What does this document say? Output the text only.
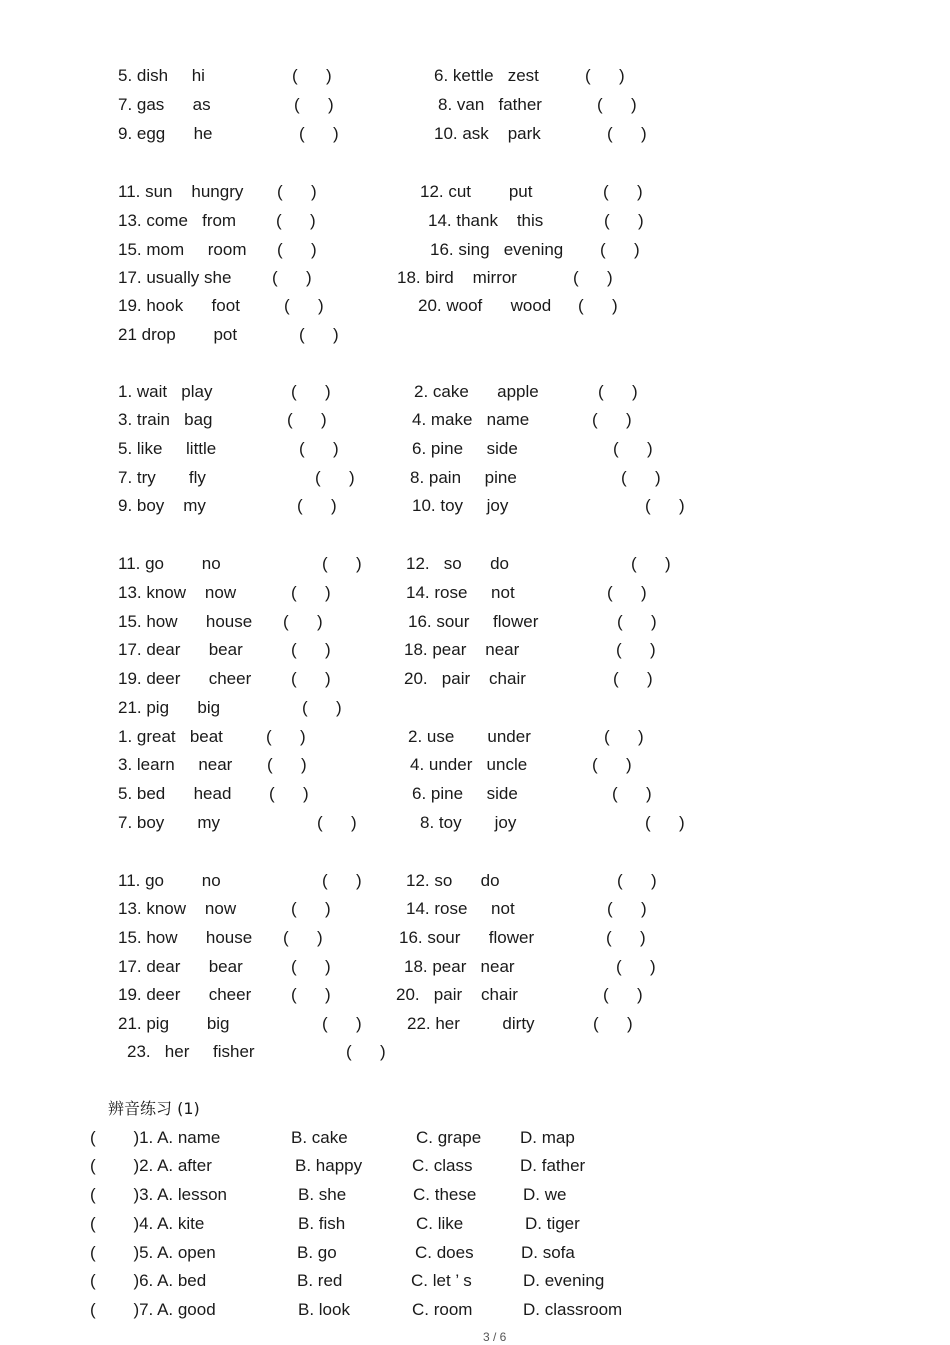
5. dish     hi	(      )	6. kettle   zest	(      )
7. gas      as	(      )	8. van   father	(      )
9. egg      he	(      )	10. ask    park	(      )
11. sun    hungry (      )	12. cut        put	(      )
13. come   from (      )	14. thank    this	(      )
15. mom     room (      )	16. sing   evening (      )
17. usually she (      )	18. bird    mirror	(      )
19. hook      foot	(      )	20. woof      wood (      )
21 drop        pot	(      )
1. wait   play	(      )	2. cake      apple	(      )
3. train   bag	(      )	4. make   name	(      )
5. like     little	(      )	6. pine     side	(      )
7. try       fly	(      )	8. pain     pine	(      )
9. boy    my	(      )	10. toy     joy	(      )
11. go        no	(      )	12.   so      do	(      )
13. know    now	(      )	14. rose     not	(      )
15. how      house (      )	16. sour     flower	(      )
17. dear      bear	(      )	18. pear    near	(      )
19. deer      cheer (      )	20.   pair    chair	(      )
21. pig      big	(      )
1. great   beat	(      )	2. use       under	(      )
3. learn     near (      )	4. under   uncle	(      )
5. bed      head (      )	6. pine     side	(      )
7. boy       my	(      )	8. toy       joy	(      )
11. go        no	(      )	12. so      do	(      )
13. know    now	(      )	14. rose     not	(      )
15. how      house (      )	16. sour      flower	(      )
17. dear      bear	(      )	18. pear   near	(      )
19. deer      cheer (      )	20.   pair    chair	(      )
21. pig        big	(      )	22. her         dirty	(      )
23.   her     fisher	(      )
(        )1. A. name	B. cake	C. grape D. map
(        )2. A. after	B. happy	C. class	D. father
(        )3. A. lesson	B. she	C. these	D. we
(        )4. A. kite	B. fish	C. like	D. tiger
(        )5. A. open	B. go	C. does	D. sofa
(        )6. A. bed	B. red	C. let ’ s	D. evening
(        )7. A. good	B. look	C. room	D. classroom
辨音练习 (1)
3 / 6
